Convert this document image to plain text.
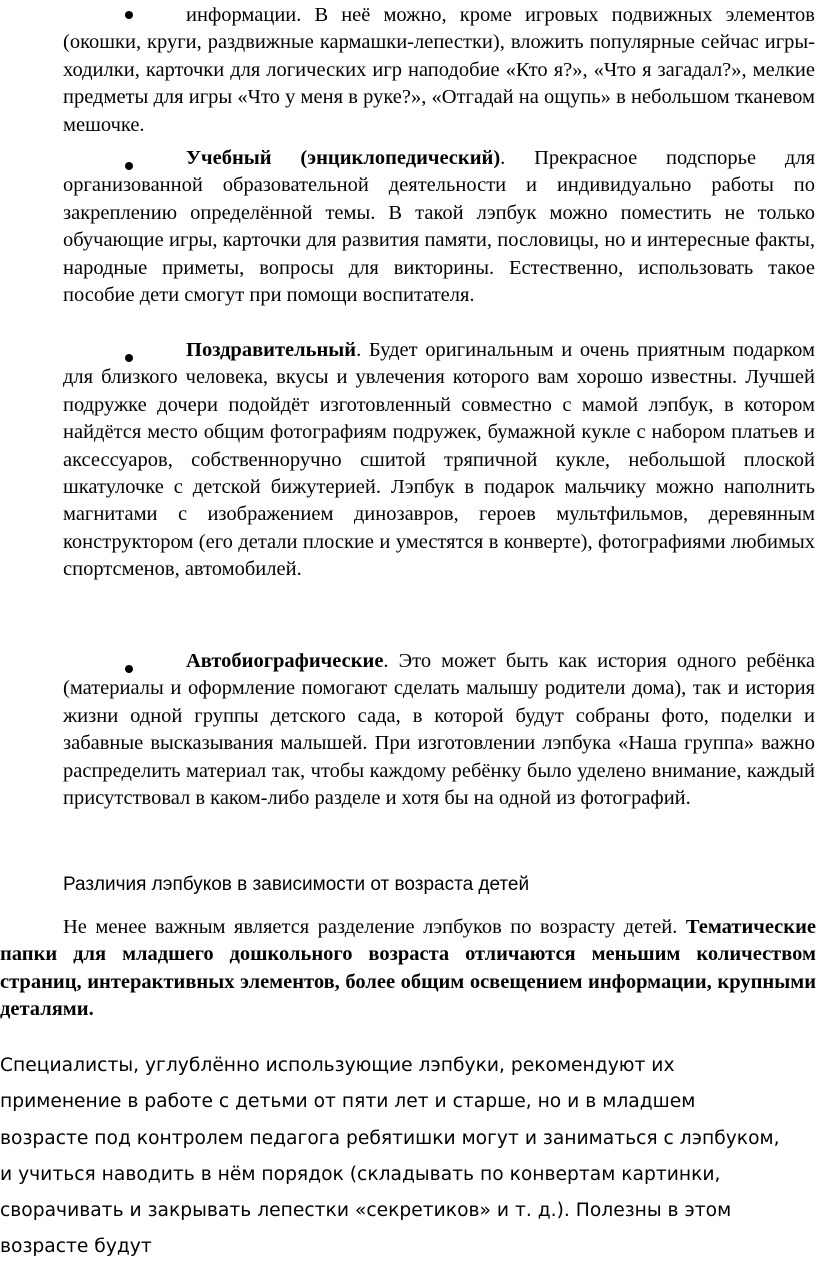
информации. В неё можно, кроме игровых подвижных элементов (окошки, круги, раздвижные кармашки-лепестки), вложить популярные сейчас игры-ходилки, карточки для логических игр наподобие «Кто я?», «Что я загадал?», мелкие предметы для игры «Что у меня в руке?», «Отгадай на ощупь» в небольшом тканевом мешочке.

Учебный (энциклопедический). Прекрасное подспорье для организованной образовательной деятельности и индивидуально работы по закреплению определённой темы. В такой лэпбук можно поместить не только обучающие игры, карточки для развития памяти, пословицы, но и интересные факты, народные приметы, вопросы для викторины. Естественно, использовать такое пособие дети смогут при помощи воспитателя.

Поздравительный. Будет оригинальным и очень приятным подарком для близкого человека, вкусы и увлечения которого вам хорошо известны. Лучшей подружке дочери подойдёт изготовленный совместно с мамой лэпбук, в котором найдётся место общим фотографиям подружек, бумажной кукле с набором платьев и аксессуаров, собственноручно сшитой тряпичной кукле, небольшой плоской шкатулочке с детской бижутерией. Лэпбук в подарок мальчику можно наполнить магнитами с изображением динозавров, героев мультфильмов, деревянным конструктором (его детали плоские и уместятся в конверте), фотографиями любимых спортсменов, автомобилей.

Автобиографические. Это может быть как история одного ребёнка (материалы и оформление помогают сделать малышу родители дома), так и история жизни одной группы детского сада, в которой будут собраны фото, поделки и забавные высказывания малышей. При изготовлении лэпбука «Наша группа» важно распределить материал так, чтобы каждому ребёнку было уделено внимание, каждый присутствовал в каком-либо разделе и хотя бы на одной из фотографий.

Различия лэпбуков в зависимости от возраста детей

Не менее важным является разделение лэпбуков по возрасту детей. Тематические папки для младшего дошкольного возраста отличаются меньшим количеством страниц, интерактивных элементов, более общим освещением информации, крупными деталями.

Специалисты, углублённо использующие лэпбуки, рекомендуют их
применение в работе с детьми от пяти лет и старше, но и в младшем
возрасте под контролем педагога ребятишки могут и заниматься с лэпбуком,
и учиться наводить в нём порядок (складывать по конвертам картинки,
сворачивать и закрывать лепестки «секретиков» и т. д.). Полезны в этом
возрасте будут
